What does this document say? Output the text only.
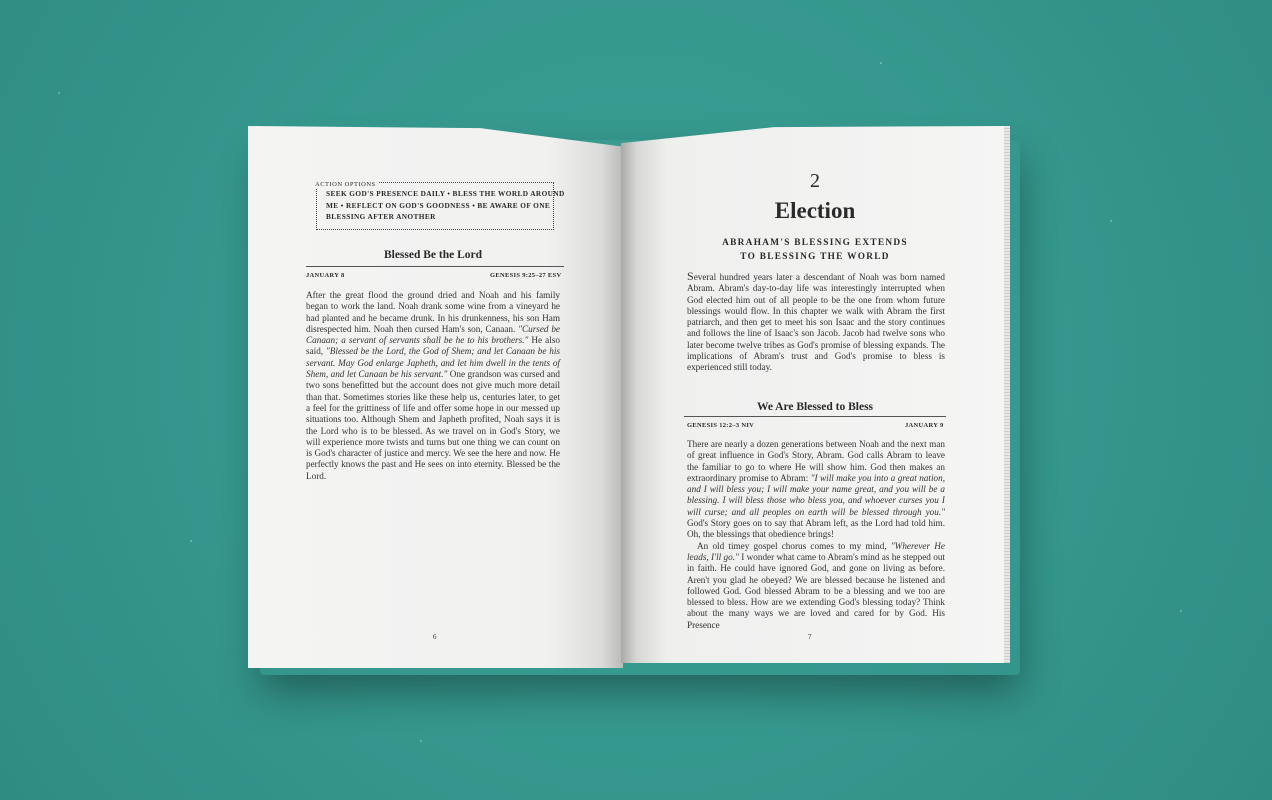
ACTION OPTIONS
SEEK GOD'S PRESENCE DAILY • BLESS THE WORLD AROUND
ME • REFLECT ON GOD'S GOODNESS • BE AWARE OF ONE
BLESSING AFTER ANOTHER
Blessed Be the Lord
JANUARY 8	GENESIS 9:25–27 ESV

After the great flood the ground dried and Noah and his family began to work the land. Noah drank some wine from a vineyard he had planted and he became drunk. In his drunkenness, his son Ham disrespected him. Noah then cursed Ham's son, Canaan. "Cursed be Canaan; a servant of servants shall be he to his brothers." He also said, "Blessed be the Lord, the God of Shem; and let Canaan be his servant. May God enlarge Japheth, and let him dwell in the tents of Shem, and let Canaan be his servant." One grandson was cursed and two sons benefitted but the account does not give much more detail than that. Sometimes stories like these help us, centuries later, to get a feel for the grittiness of life and offer some hope in our messed up situations too. Although Shem and Japheth profited, Noah says it is the Lord who is to be blessed. As we travel on in God's Story, we will experience more twists and turns but one thing we can count on is God's character of justice and mercy. We see the here and now. He perfectly knows the past and He sees on into eternity. Blessed be the Lord.

6
2
Election
ABRAHAM'S BLESSING EXTENDS
TO BLESSING THE WORLD

Several hundred years later a descendant of Noah was born named Abram. Abram's day-to-day life was interestingly interrupted when God elected him out of all people to be the one from whom future blessings would flow. In this chapter we walk with Abram the first patriarch, and then get to meet his son Isaac and the story continues and follows the line of Isaac's son Jacob. Jacob had twelve sons who later become twelve tribes as God's promise of blessing expands. The implications of Abram's trust and God's promise to bless is experienced still today.

We Are Blessed to Bless
GENESIS 12:2–3 NIV	JANUARY 9

There are nearly a dozen generations between Noah and the next man of great influence in God's Story, Abram. God calls Abram to leave the familiar to go to where He will show him. God then makes an extraordinary promise to Abram: "I will make you into a great nation, and I will bless you; I will make your name great, and you will be a blessing. I will bless those who bless you, and whoever curses you I will curse; and all peoples on earth will be blessed through you." God's Story goes on to say that Abram left, as the Lord had told him. Oh, the blessings that obedience brings!

An old timey gospel chorus comes to my mind, "Wherever He leads, I'll go." I wonder what came to Abram's mind as he stepped out in faith. He could have ignored God, and gone on living as before. Aren't you glad he obeyed? We are blessed because he listened and followed God. God blessed Abram to be a blessing and we too are blessed to bless. How are we extending God's blessing today? Think about the many ways we are loved and cared for by God. His Presence

7
